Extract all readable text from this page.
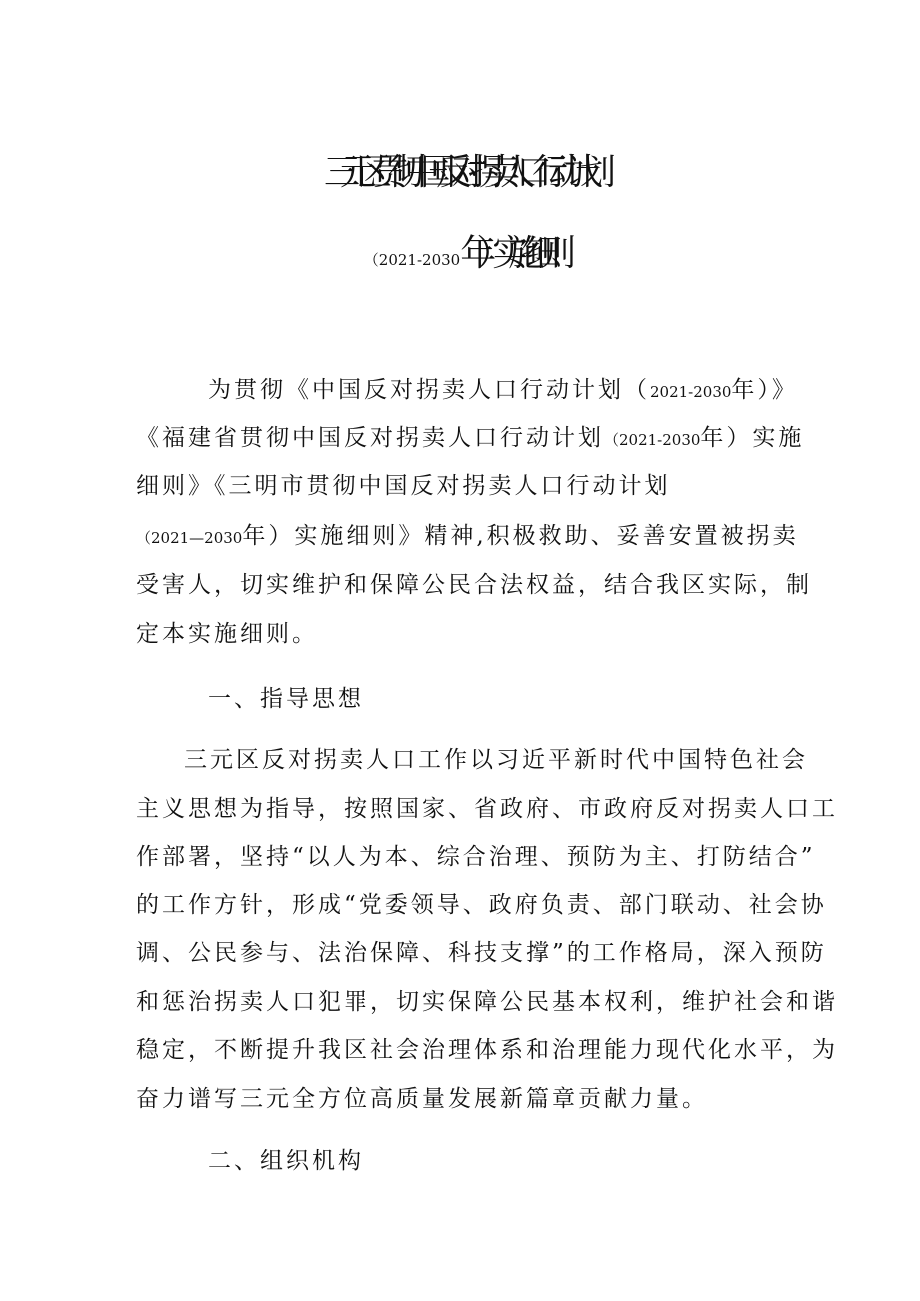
三元区贯彻中国反对拐卖人口行动计划
（2021-2030年）实施细则
为贯彻《中国反对拐卖人口行动计划（2021-2030年）》
《福建省贯彻中国反对拐卖人口行动计划（2021-2030年）实施
细则》《三明市贯彻中国反对拐卖人口行动计划
（2021—2030年）实施细则》精神,积极救助、妥善安置被拐卖
受害人，切实维护和保障公民合法权益，结合我区实际，制
定本实施细则。
一、指导思想
三元区反对拐卖人口工作以习近平新时代中国特色社会
主义思想为指导，按照国家、省政府、市政府反对拐卖人口工
作部署，坚持“以人为本、综合治理、预防为主、打防结合”
的工作方针，形成“党委领导、政府负责、部门联动、社会协
调、公民参与、法治保障、科技支撑”的工作格局，深入预防
和惩治拐卖人口犯罪，切实保障公民基本权利，维护社会和谐
稳定，不断提升我区社会治理体系和治理能力现代化水平，为
奋力谱写三元全方位高质量发展新篇章贡献力量。
二、组织机构
